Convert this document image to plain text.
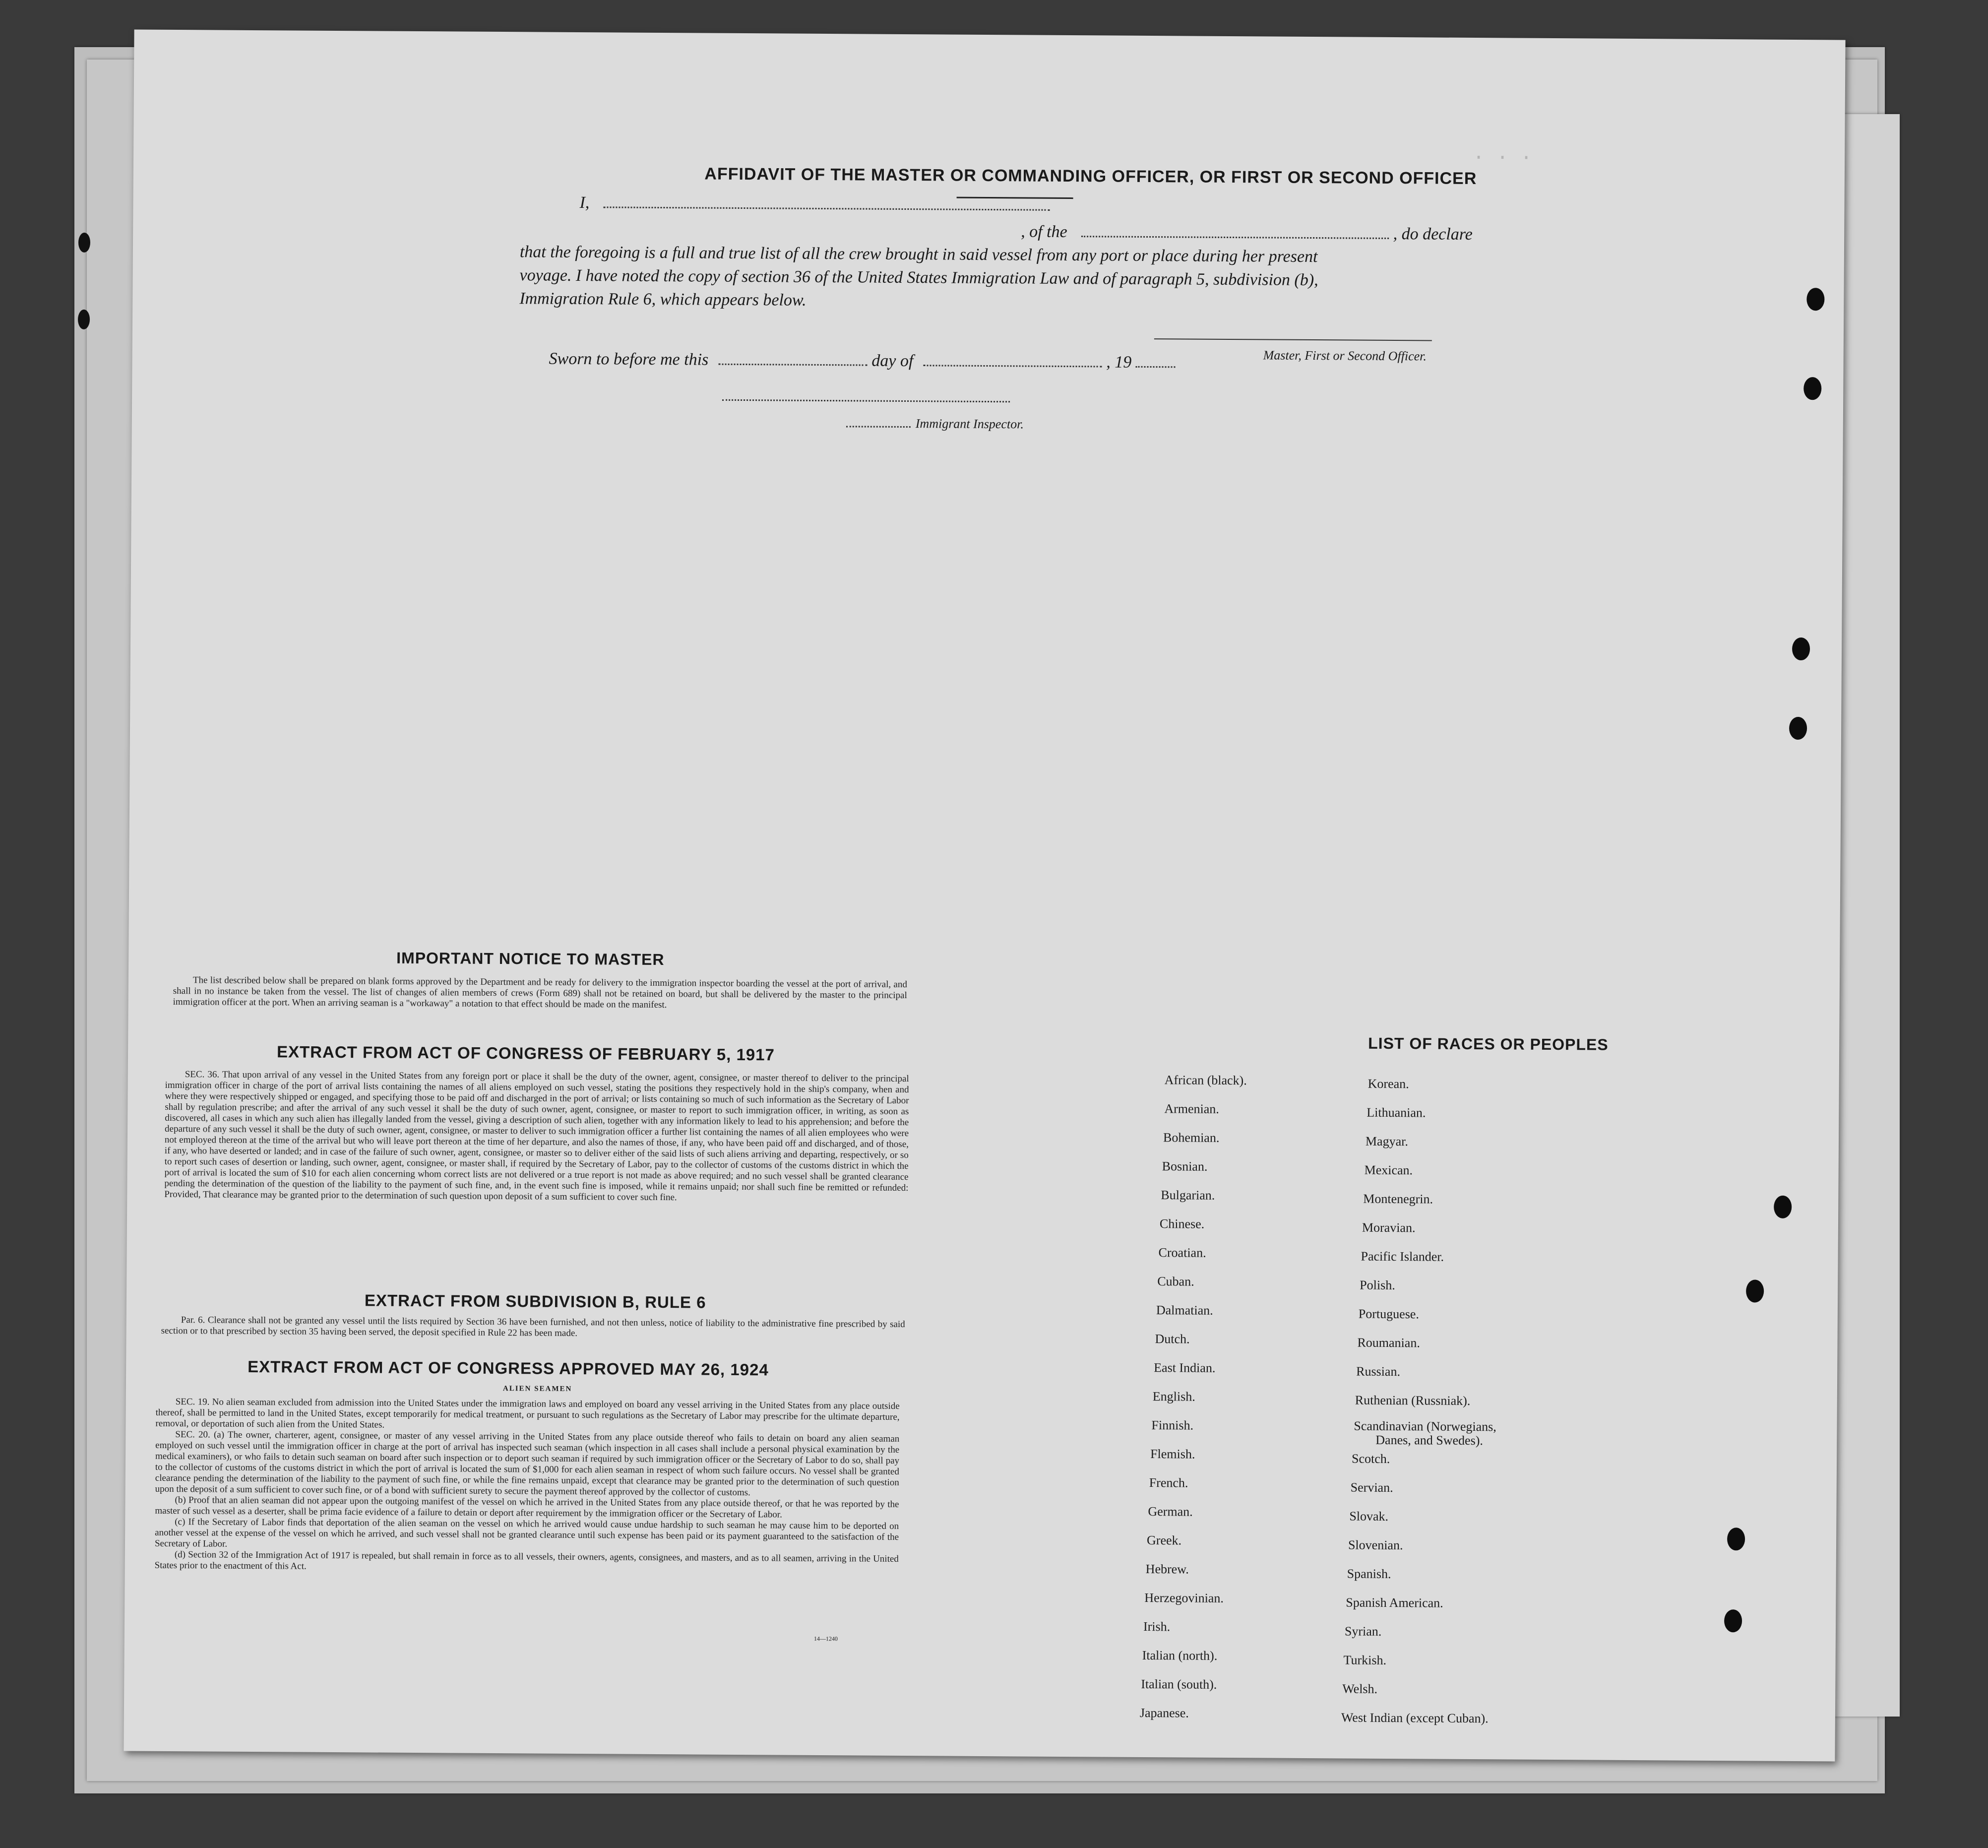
· · ·
AFFIDAVIT OF THE MASTER OR COMMANDING OFFICER, OR FIRST OR SECOND OFFICER
I,
, of the	, do declare
that the foregoing is a full and true list of all the crew brought in said vessel from any port or place during her present
voyage. I have noted the copy of section 36 of the United States Immigration Law and of paragraph 5, subdivision (b),
Immigration Rule 6, which appears below.
Sworn to before me this	day of	, 19	Master, First or Second Officer.
Immigrant Inspector.
IMPORTANT NOTICE TO MASTER

The list described below shall be prepared on blank forms approved by the Department and be ready for delivery to the immigration inspector boarding the vessel at the port of arrival, and shall in no instance be taken from the vessel. The list of changes of alien members of crews (Form 689) shall not be retained on board, but shall be delivered by the master to the principal immigration officer at the port. When an arriving seaman is a "workaway" a notation to that effect should be made on the manifest.

EXTRACT FROM ACT OF CONGRESS OF FEBRUARY 5, 1917

SEC. 36. That upon arrival of any vessel in the United States from any foreign port or place it shall be the duty of the owner, agent, consignee, or master thereof to deliver to the principal immigration officer in charge of the port of arrival lists containing the names of all aliens employed on such vessel, stating the positions they respectively hold in the ship's company, when and where they were respectively shipped or engaged, and specifying those to be paid off and discharged in the port of arrival; or lists containing so much of such information as the Secretary of Labor shall by regulation prescribe; and after the arrival of any such vessel it shall be the duty of such owner, agent, consignee, or master to report to such immigration officer, in writing, as soon as discovered, all cases in which any such alien has illegally landed from the vessel, giving a description of such alien, together with any information likely to lead to his apprehension; and before the departure of any such vessel it shall be the duty of such owner, agent, consignee, or master to deliver to such immigration officer a further list containing the names of all alien employees who were not employed thereon at the time of the arrival but who will leave port thereon at the time of her departure, and also the names of those, if any, who have been paid off and discharged, and of those, if any, who have deserted or landed; and in case of the failure of such owner, agent, consignee, or master so to deliver either of the said lists of such aliens arriving and departing, respectively, or so to report such cases of desertion or landing, such owner, agent, consignee, or master shall, if required by the Secretary of Labor, pay to the collector of customs of the customs district in which the port of arrival is located the sum of $10 for each alien concerning whom correct lists are not delivered or a true report is not made as above required; and no such vessel shall be granted clearance pending the determination of the question of the liability to the payment of such fine, and, in the event such fine is imposed, while it remains unpaid; nor shall such fine be remitted or refunded: Provided, That clearance may be granted prior to the determination of such question upon deposit of a sum sufficient to cover such fine.

EXTRACT FROM SUBDIVISION B, RULE 6

Par. 6. Clearance shall not be granted any vessel until the lists required by Section 36 have been furnished, and not then unless, notice of liability to the administrative fine prescribed by said section or to that prescribed by section 35 having been served, the deposit specified in Rule 22 has been made.

EXTRACT FROM ACT OF CONGRESS APPROVED MAY 26, 1924
ALIEN SEAMEN

SEC. 19. No alien seaman excluded from admission into the United States under the immigration laws and employed on board any vessel arriving in the United States from any place outside thereof, shall be permitted to land in the United States, except temporarily for medical treatment, or pursuant to such regulations as the Secretary of Labor may prescribe for the ultimate departure, removal, or deportation of such alien from the United States.

SEC. 20. (a) The owner, charterer, agent, consignee, or master of any vessel arriving in the United States from any place outside thereof who fails to detain on board any alien seaman employed on such vessel until the immigration officer in charge at the port of arrival has inspected such seaman (which inspection in all cases shall include a personal physical examination by the medical examiners), or who fails to detain such seaman on board after such inspection or to deport such seaman if required by such immigration officer or the Secretary of Labor to do so, shall pay to the collector of customs of the customs district in which the port of arrival is located the sum of $1,000 for each alien seaman in respect of whom such failure occurs. No vessel shall be granted clearance pending the determination of the liability to the payment of such fine, or while the fine remains unpaid, except that clearance may be granted prior to the determination of such question upon the deposit of a sum sufficient to cover such fine, or of a bond with sufficient surety to secure the payment thereof approved by the collector of customs.

(b) Proof that an alien seaman did not appear upon the outgoing manifest of the vessel on which he arrived in the United States from any place outside thereof, or that he was reported by the master of such vessel as a deserter, shall be prima facie evidence of a failure to detain or deport after requirement by the immigration officer or the Secretary of Labor.

(c) If the Secretary of Labor finds that deportation of the alien seaman on the vessel on which he arrived would cause undue hardship to such seaman he may cause him to be deported on another vessel at the expense of the vessel on which he arrived, and such vessel shall not be granted clearance until such expense has been paid or its payment guaranteed to the satisfaction of the Secretary of Labor.

(d) Section 32 of the Immigration Act of 1917 is repealed, but shall remain in force as to all vessels, their owners, agents, consignees, and masters, and as to all seamen, arriving in the United States prior to the enactment of this Act.

14—1240
LIST OF RACES OR PEOPLES
African (black).
Armenian.
Bohemian.
Bosnian.
Bulgarian.
Chinese.
Croatian.
Cuban.
Dalmatian.
Dutch.
East Indian.
English.
Finnish.
Flemish.
French.
German.
Greek.
Hebrew.
Herzegovinian.
Irish.
Italian (north).
Italian (south).
Japanese.
Korean.
Lithuanian.
Magyar.
Mexican.
Montenegrin.
Moravian.
Pacific Islander.
Polish.
Portuguese.
Roumanian.
Russian.
Ruthenian (Russniak).
Scandinavian (Norwegians,
Danes, and Swedes).
Scotch.
Servian.
Slovak.
Slovenian.
Spanish.
Spanish American.
Syrian.
Turkish.
Welsh.
West Indian (except Cuban).
